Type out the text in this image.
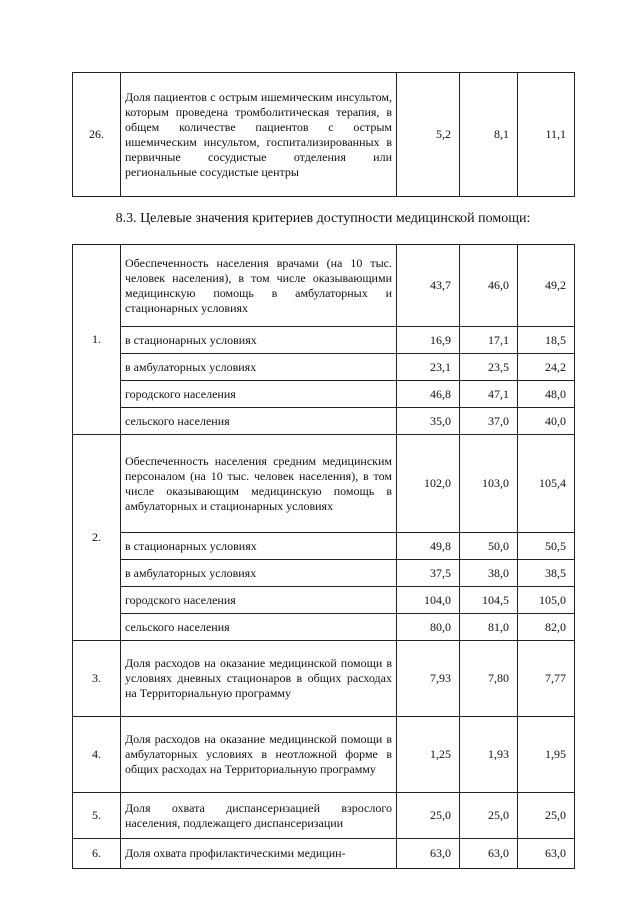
26.	Доля пациентов с острым ишемическим инсультом, которым проведена тромболитическая терапия, в общем количестве пациентов с острым ишемическим инсультом, госпитализированных в первичные сосудистые отделения или региональные сосудистые центры	5,2	8,1	11,1
8.3. Целевые значения критериев доступности медицинской помощи:
1.	Обеспеченность населения врачами (на 10 тыс. человек населения), в том числе оказывающими медицинскую помощь в амбулаторных и стационарных условиях	43,7	46,0	49,2
	в стационарных условиях	16,9	17,1	18,5
	в амбулаторных условиях	23,1	23,5	24,2
	городского населения	46,8	47,1	48,0
	сельского населения	35,0	37,0	40,0
2.	Обеспеченность населения средним медицинским персоналом (на 10 тыс. человек населения), в том числе оказывающим медицинскую помощь в амбулаторных и стационарных условиях	102,0	103,0	105,4
	в стационарных условиях	49,8	50,0	50,5
	в амбулаторных условиях	37,5	38,0	38,5
	городского населения	104,0	104,5	105,0
	сельского населения	80,0	81,0	82,0
3.	Доля расходов на оказание медицинской помощи в условиях дневных стационаров в общих расходах на Территориальную программу	7,93	7,80	7,77
4.	Доля расходов на оказание медицинской помощи в амбулаторных условиях в неотложной форме в общих расходах на Территориальную программу	1,25	1,93	1,95
5.	Доля охвата диспансеризацией взрослого населения, подлежащего диспансеризации	25,0	25,0	25,0
6.	Доля охвата профилактическими медицин-	63,0	63,0	63,0
